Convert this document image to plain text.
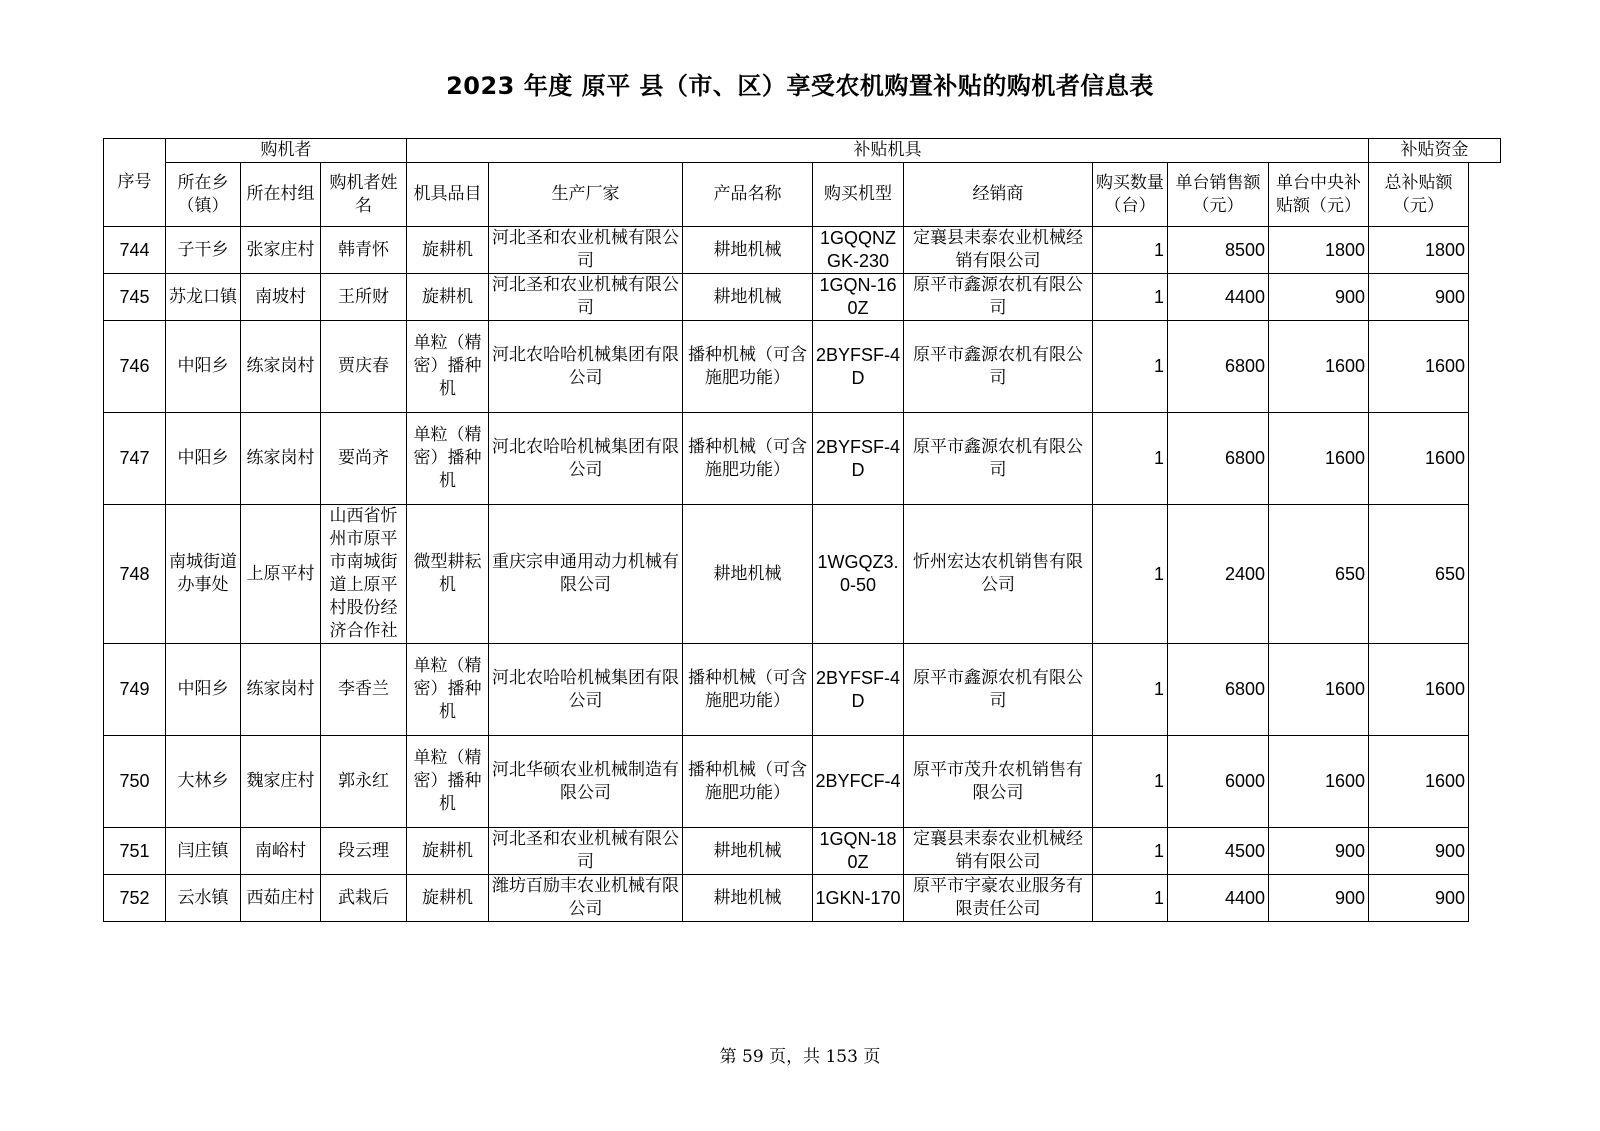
2023 年度 原平 县（市、区）享受农机购置补贴的购机者信息表
序号	购机者			补贴机具								补贴资金
	所在乡（镇）	所在村组	购机者姓名	机具品目	生产厂家	产品名称	购买机型	经销商	购买数量（台）	单台销售额（元）	单台中央补贴额（元）	总补贴额（元）
744	子干乡	张家庄村	韩青怀	旋耕机	河北圣和农业机械有限公司	耕地机械	1GQQNZGK-230	定襄县耒泰农业机械经销有限公司	1	8500	1800	1800
745	苏龙口镇	南坡村	王所财	旋耕机	河北圣和农业机械有限公司	耕地机械	1GQN-160Z	原平市鑫源农机有限公司	1	4400	900	900
746	中阳乡	练家岗村	贾庆春	单粒（精密）播种机	河北农哈哈机械集团有限公司	播种机械（可含施肥功能）	2BYFSF-4D	原平市鑫源农机有限公司	1	6800	1600	1600
747	中阳乡	练家岗村	要尚齐	单粒（精密）播种机	河北农哈哈机械集团有限公司	播种机械（可含施肥功能）	2BYFSF-4D	原平市鑫源农机有限公司	1	6800	1600	1600
748	南城街道办事处	上原平村	山西省忻州市原平市南城街道上原平村股份经济合作社	微型耕耘机	重庆宗申通用动力机械有限公司	耕地机械	1WGQZ3.0-50	忻州宏达农机销售有限公司	1	2400	650	650
749	中阳乡	练家岗村	李香兰	单粒（精密）播种机	河北农哈哈机械集团有限公司	播种机械（可含施肥功能）	2BYFSF-4D	原平市鑫源农机有限公司	1	6800	1600	1600
750	大林乡	魏家庄村	郭永红	单粒（精密）播种机	河北华硕农业机械制造有限公司	播种机械（可含施肥功能）	2BYFCF-4	原平市茂升农机销售有限公司	1	6000	1600	1600
751	闫庄镇	南峪村	段云理	旋耕机	河北圣和农业机械有限公司	耕地机械	1GQN-180Z	定襄县耒泰农业机械经销有限公司	1	4500	900	900
752	云水镇	西茹庄村	武栽后	旋耕机	潍坊百励丰农业机械有限公司	耕地机械	1GKN-170	原平市宇豪农业服务有限责任公司	1	4400	900	900
第 59 页，共 153 页
